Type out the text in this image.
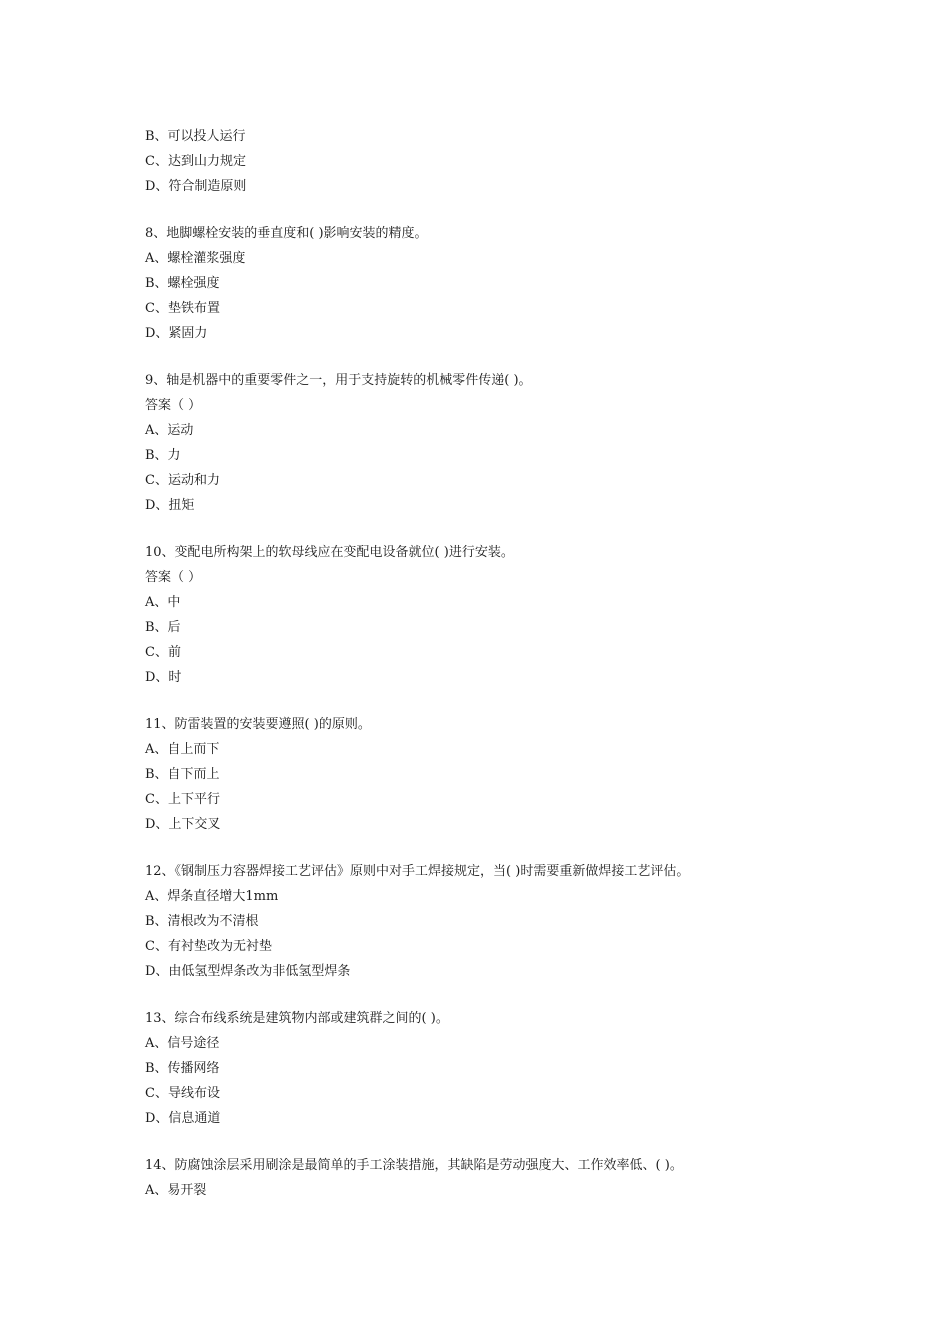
B、可以投人运行
C、达到山力规定
D、符合制造原则
8、地脚螺栓安装的垂直度和( )影响安装的精度。
A、螺栓灌浆强度
B、螺栓强度
C、垫铁布置
D、紧固力
9、轴是机器中的重要零件之一，用于支持旋转的机械零件传递( )。
答案（ ）
A、运动
B、力
C、运动和力
D、扭矩
10、变配电所构架上的软母线应在变配电设备就位( )进行安装。
答案（ ）
A、中
B、后
C、前
D、时
11、防雷装置的安装要遵照( )的原则。
A、自上而下
B、自下而上
C、上下平行
D、上下交叉
12、《钢制压力容器焊接工艺评估》原则中对手工焊接规定，当( )时需要重新做焊接工艺评估。
A、焊条直径增大1mm
B、清根改为不清根
C、有衬垫改为无衬垫
D、由低氢型焊条改为非低氢型焊条
13、综合布线系统是建筑物内部或建筑群之间的( )。
A、信号途径
B、传播网络
C、导线布设
D、信息通道
14、防腐蚀涂层采用刷涂是最简单的手工涂装措施，其缺陷是劳动强度大、工作效率低、( )。
A、易开裂
